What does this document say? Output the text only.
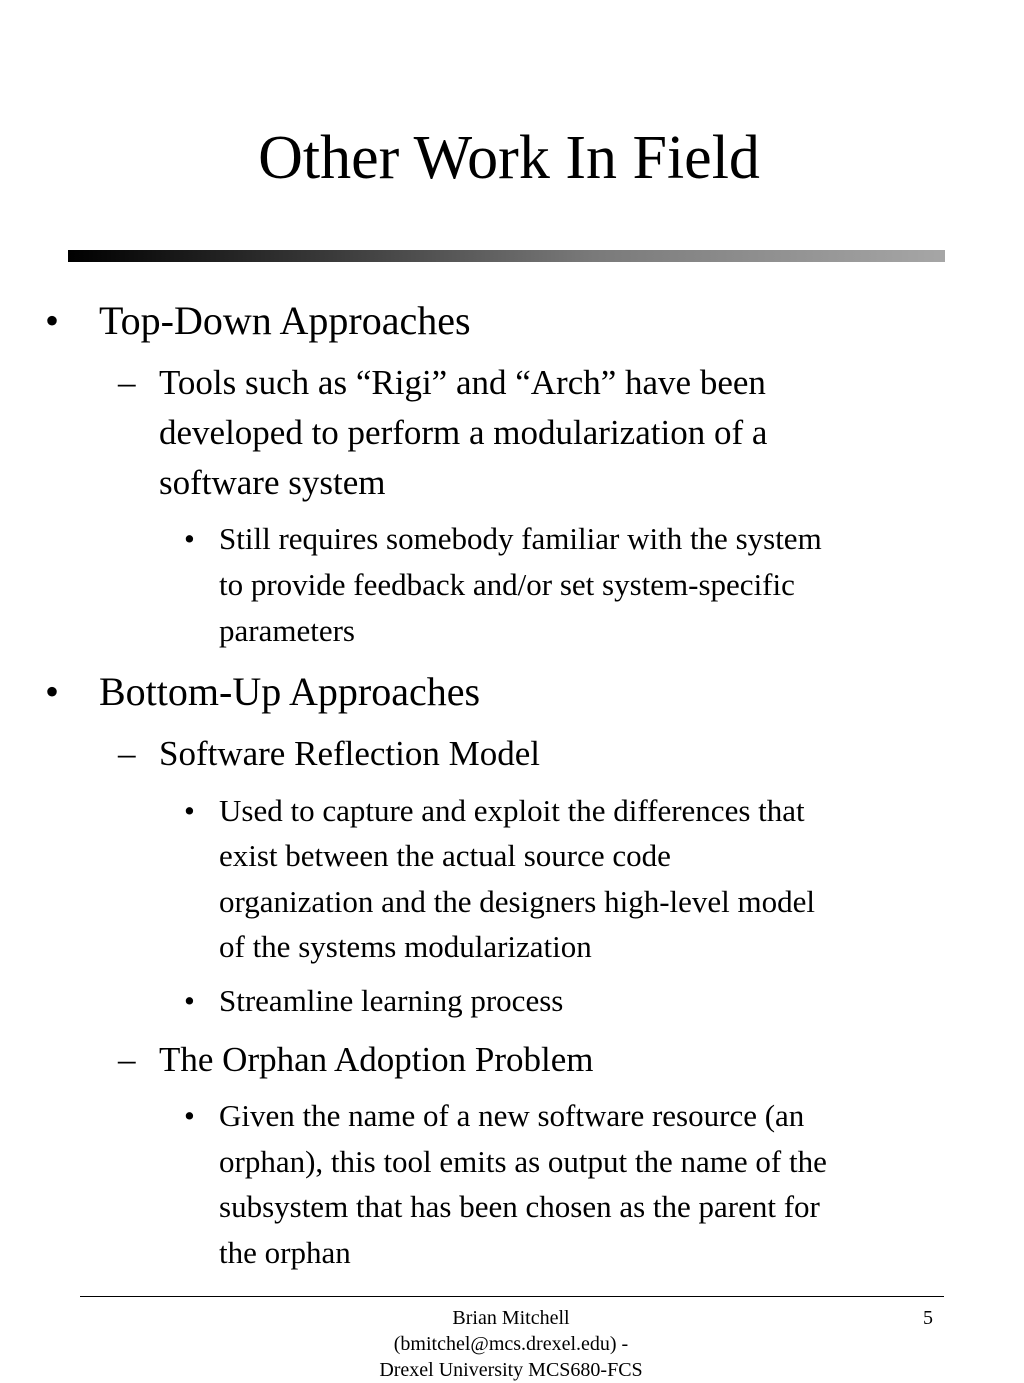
Other Work In Field
• Top-Down Approaches

– Tools such as “Rigi” and “Arch” have been

developed to perform a modularization of a

software system

• Still requires somebody familiar with the system

to provide feedback and/or set system-specific

parameters

• Bottom-Up Approaches

– Software Reflection Model

• Used to capture and exploit the differences that

exist between the actual source code

organization and the designers high-level model

of the systems modularization

• Streamline learning process

– The Orphan Adoption Problem

• Given the name of a new software resource (an

orphan), this tool emits as output the name of the

subsystem that has been chosen as the parent for

the orphan

Brian Mitchell
(bmitchel@mcs.drexel.edu) -
Drexel University MCS680-FCS
5
